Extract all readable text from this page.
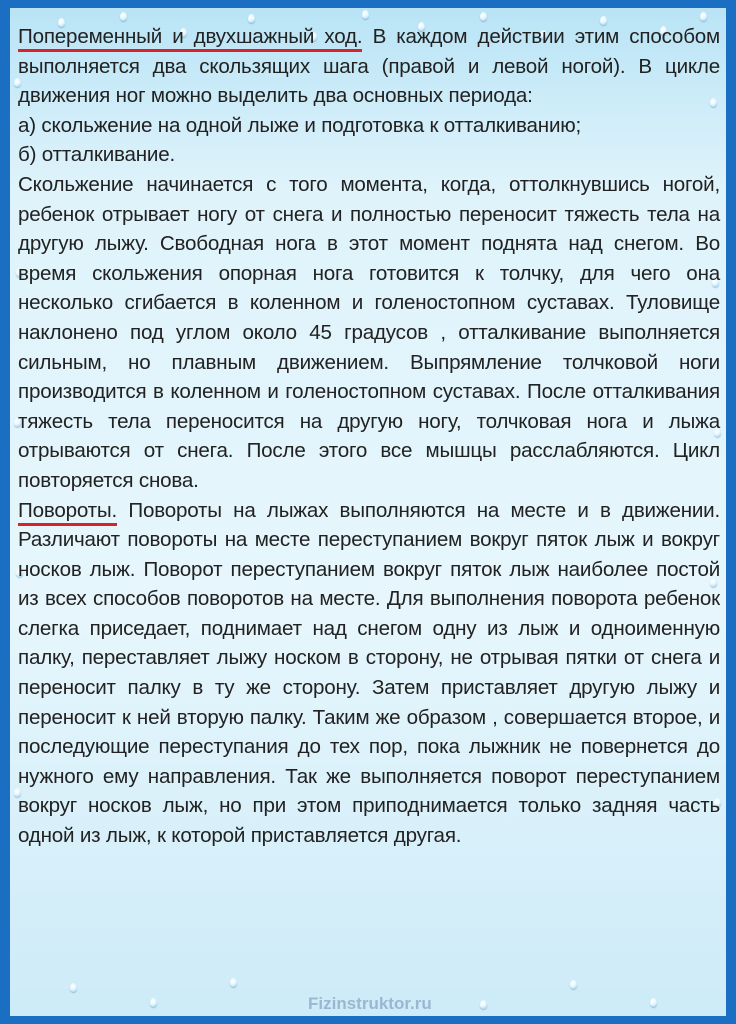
Попеременный и двухшажный ход. В каждом действии этим способом выполняется два скользящих шага (правой и левой ногой). В цикле движения ног можно выделить два основных периода:

а) скольжение на одной лыже и подготовка к отталкиванию;

б) отталкивание.

Скольжение начинается с того момента, когда, оттолкнувшись ногой, ребенок отрывает ногу от снега и полностью переносит тяжесть тела на другую лыжу. Свободная нога в этот момент поднята над снегом. Во время скольжения опорная нога готовится к толчку, для чего она несколько сгибается в коленном и голеностопном суставах. Туловище наклонено под углом около 45 градусов , отталкивание выполняется сильным, но плавным движением. Выпрямление толчковой ноги производится в коленном и голеностопном суставах. После отталкивания тяжесть тела переносится на другую ногу, толчковая нога и лыжа отрываются от снега. После этого все мышцы расслабляются. Цикл повторяется снова.

Повороты. Повороты на лыжах выполняются на месте и в движении. Различают повороты на месте переступанием вокруг пяток лыж и вокруг носков лыж. Поворот переступанием вокруг пяток лыж наиболее постой из всех способов поворотов на месте. Для выполнения поворота ребенок слегка приседает, поднимает над снегом одну из лыж и одноименную палку, переставляет лыжу носком в сторону, не отрывая пятки от снега и переносит палку в ту же сторону. Затем приставляет другую лыжу и переносит к ней вторую палку. Таким же образом , совершается второе, и последующие переступания до тех пор, пока лыжник не повернется до нужного ему направления. Так же выполняется поворот переступанием вокруг носков лыж, но при этом приподнимается только задняя часть одной из лыж, к которой приставляется другая.

Fizinstruktor.ru
